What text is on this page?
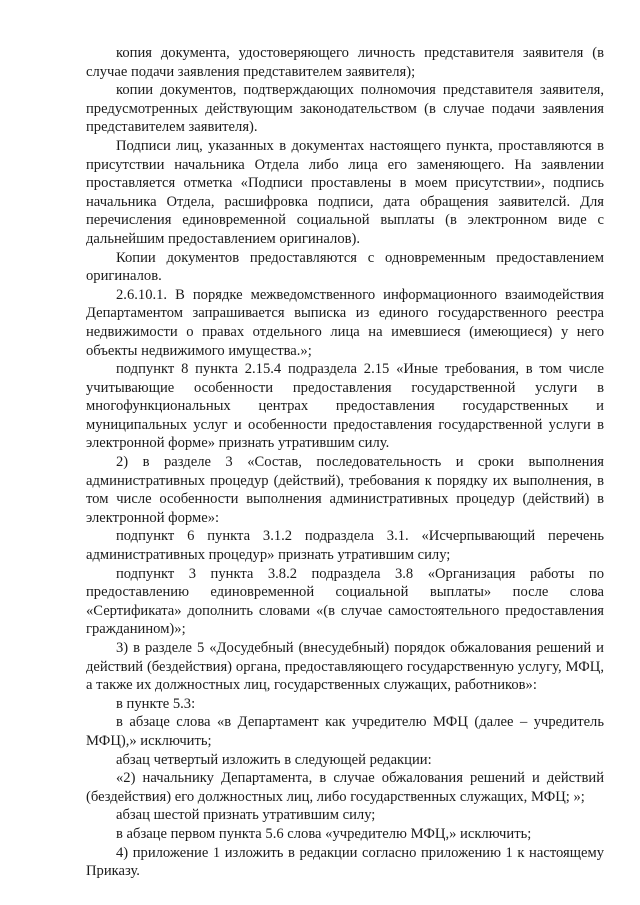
копия документа, удостоверяющего личность представителя заявителя (в случае подачи заявления представителем заявителя);

копии документов, подтверждающих полномочия представителя заявителя, предусмотренных действующим законодательством (в случае подачи заявления представителем заявителя).

Подписи лиц, указанных в документах настоящего пункта, проставляются в присутствии начальника Отдела либо лица его заменяющего. На заявлении проставляется отметка «Подписи проставлены в моем присутствии», подпись начальника Отдела, расшифровка подписи, дата обращения заявителсй. Для перечисления единовременной социальной выплаты (в электронном виде с дальнейшим предоставлением оригиналов).

Копии документов предоставляются с одновременным предоставлением оригиналов.

2.6.10.1. В порядке межведомственного информационного взаимодействия Департаментом запрашивается выписка из единого государственного реестра недвижимости о правах отдельного лица на имевшиеся (имеющиеся) у него объекты недвижимого имущества.»;

подпункт 8 пункта 2.15.4 подраздела 2.15 «Иные требования, в том числе учитывающие особенности предоставления государственной услуги в многофункциональных центрах предоставления государственных и муниципальных услуг и особенности предоставления государственной услуги в электронной форме» признать утратившим силу.

2) в разделе 3 «Состав, последовательность и сроки выполнения административных процедур (действий), требования к порядку их выполнения, в том числе особенности выполнения административных процедур (действий) в электронной форме»:

подпункт 6 пункта 3.1.2 подраздела 3.1. «Исчерпывающий перечень административных процедур» признать утратившим силу;

подпункт 3 пункта 3.8.2 подраздела 3.8 «Организация работы по предоставлению единовременной социальной выплаты» после слова «Сертификата» дополнить словами «(в случае самостоятельного предоставления гражданином)»;

3) в разделе 5 «Досудебный (внесудебный) порядок обжалования решений и действий (бездействия) органа, предоставляющего государственную услугу, МФЦ, а также их должностных лиц, государственных служащих, работников»:

в пункте 5.3:

в абзаце слова «в Департамент как учредителю МФЦ (далее – учредитель МФЦ),» исключить;

абзац четвертый изложить в следующей редакции:

«2) начальнику Департамента, в случае обжалования решений и действий (бездействия) его должностных лиц, либо государственных служащих, МФЦ; »;

абзац шестой признать утратившим силу;

в абзаце первом пункта 5.6 слова «учредителю МФЦ,» исключить;

4) приложение 1 изложить в редакции согласно приложению 1 к настоящему Приказу.
